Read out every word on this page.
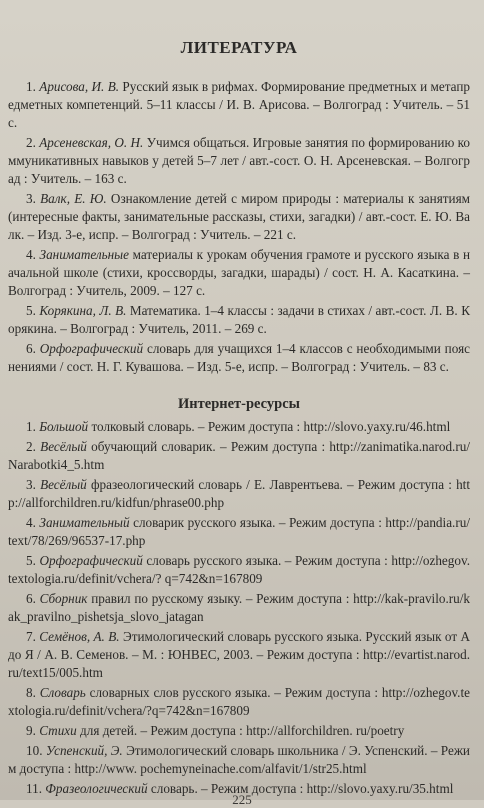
ЛИТЕРАТУРА
1. Арисова, И. В. Русский язык в рифмах. Формирование предметных и метапредметных компетенций. 5–11 классы / И. В. Арисова. – Волгоград : Учитель. – 51 с.
2. Арсеневская, О. Н. Учимся общаться. Игровые занятия по формированию коммуникативных навыков у детей 5–7 лет / авт.-сост. О. Н. Арсеневская. – Волгоград : Учитель. – 163 с.
3. Валк, Е. Ю. Ознакомление детей с миром природы : материалы к занятиям (интересные факты, занимательные рассказы, стихи, загадки) / авт.-сост. Е. Ю. Валк. – Изд. 3-е, испр. – Волгоград : Учитель. – 221 с.
4. Занимательные материалы к урокам обучения грамоте и русского языка в начальной школе (стихи, кроссворды, загадки, шарады) / сост. Н. А. Касаткина. – Волгоград : Учитель, 2009. – 127 с.
5. Корякина, Л. В. Математика. 1–4 классы : задачи в стихах / авт.-сост. Л. В. Корякина. – Волгоград : Учитель, 2011. – 269 с.
6. Орфографический словарь для учащихся 1–4 классов с необходимыми пояснениями / сост. Н. Г. Кувашова. – Изд. 5-е, испр. – Волгоград : Учитель. – 83 с.
Интернет-ресурсы
1. Большой толковый словарь. – Режим доступа : http://slovo.yaxy.ru/46.html
2. Весёлый обучающий словарик. – Режим доступа : http://zanimatika.narod.ru/Narabotki4_5.htm
3. Весёлый фразеологический словарь / Е. Лаврентьева. – Режим доступа : http://allforchildren.ru/kidfun/phrase00.php
4. Занимательный словарик русского языка. – Режим доступа : http://pandia.ru/text/78/269/96537-17.php
5. Орфографический словарь русского языка. – Режим доступа : http://ozhegov.textologia.ru/definit/vchera/? q=742&n=167809
6. Сборник правил по русскому языку. – Режим доступа : http://kak-pravilo.ru/kak_pravilno_pishetsja_slovo_jatagan
7. Семёнов, А. В. Этимологический словарь русского языка. Русский язык от А до Я / А. В. Семенов. – М. : ЮНВЕС, 2003. – Режим доступа : http://evartist.narod. ru/text15/005.htm
8. Словарь словарных слов русского языка. – Режим доступа : http://ozhegov.textologia.ru/definit/vchera/?q=742&n=167809
9. Стихи для детей. – Режим доступа : http://allforchildren. ru/poetry
10. Успенский, Э. Этимологический словарь школьника / Э. Успенский. – Режим доступа : http://www. pochemyneinache.com/alfavit/1/str25.html
11. Фразеологический словарь. – Режим доступа : http://slovo.yaxy.ru/35.html
225
